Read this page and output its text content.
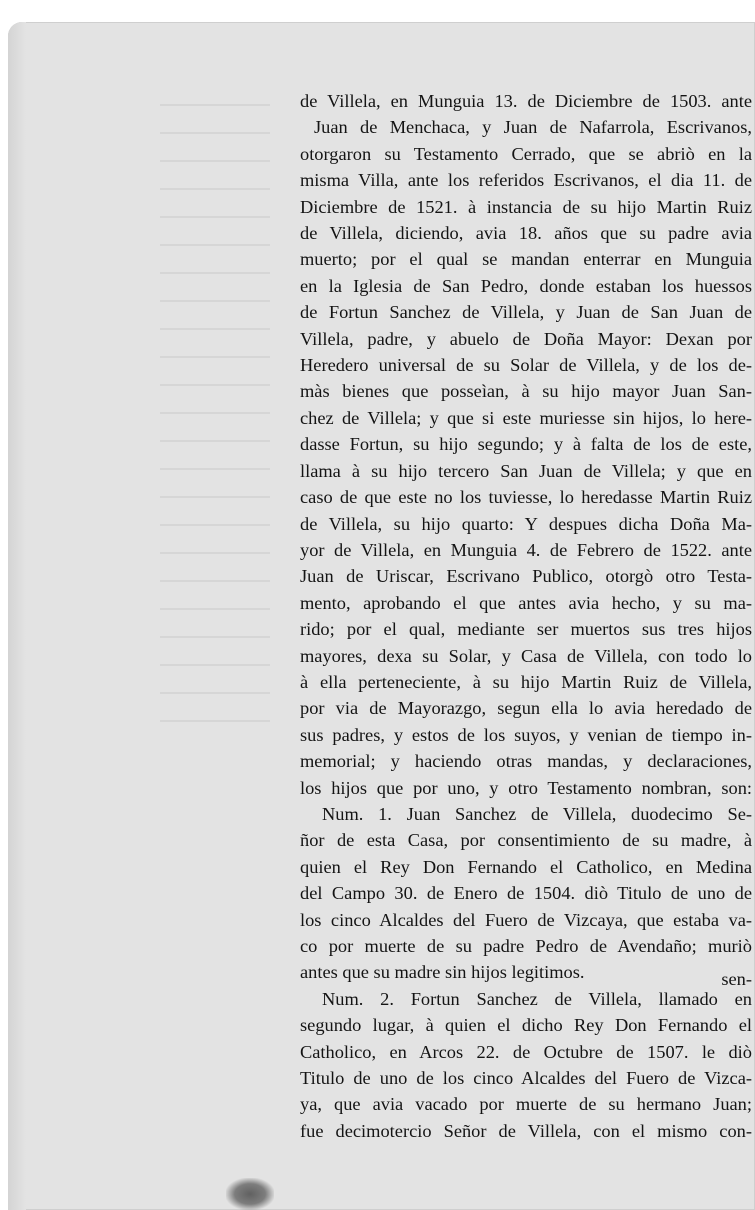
de Villela, en Munguia 13. de Diciembre de 1503. ante
Juan de Menchaca, y Juan de Nafarrola, Escrivanos,
otorgaron su Testamento Cerrado, que se abriò en la
misma Villa, ante los referidos Escrivanos, el dia 11. de
Diciembre de 1521. à instancia de su hijo Martin Ruiz
de Villela, diciendo, avia 18. años que su padre avia
muerto; por el qual se mandan enterrar en Munguia
en la Iglesia de San Pedro, donde estaban los huessos
de Fortun Sanchez de Villela, y Juan de San Juan de
Villela, padre, y abuelo de Doña Mayor: Dexan por
Heredero universal de su Solar de Villela, y de los de-
màs bienes que posseìan, à su hijo mayor Juan San-
chez de Villela; y que si este muriesse sin hijos, lo here-
dasse Fortun, su hijo segundo; y à falta de los de este,
llama à su hijo tercero San Juan de Villela; y que en
caso de que este no los tuviesse, lo heredasse Martin Ruiz
de Villela, su hijo quarto: Y despues dicha Doña Ma-
yor de Villela, en Munguia 4. de Febrero de 1522. ante
Juan de Uriscar, Escrivano Publico, otorgò otro Testa-
mento, aprobando el que antes avia hecho, y su ma-
rido; por el qual, mediante ser muertos sus tres hijos
mayores, dexa su Solar, y Casa de Villela, con todo lo
à ella perteneciente, à su hijo Martin Ruiz de Villela,
por via de Mayorazgo, segun ella lo avia heredado de
sus padres, y estos de los suyos, y venian de tiempo in-
memorial; y haciendo otras mandas, y declaraciones,
los hijos que por uno, y otro Testamento nombran, son:
Num. 1. Juan Sanchez de Villela, duodecimo Se-
ñor de esta Casa, por consentimiento de su madre, à
quien el Rey Don Fernando el Catholico, en Medina
del Campo 30. de Enero de 1504. diò Titulo de uno de
los cinco Alcaldes del Fuero de Vizcaya, que estaba va-
co por muerte de su padre Pedro de Avendaño; muriò
antes que su madre sin hijos legitimos.
Num. 2. Fortun Sanchez de Villela, llamado en
segundo lugar, à quien el dicho Rey Don Fernando el
Catholico, en Arcos 22. de Octubre de 1507. le diò
Titulo de uno de los cinco Alcaldes del Fuero de Vizca-
ya, que avia vacado por muerte de su hermano Juan;
fue decimotercio Señor de Villela, con el mismo con-
sen-
